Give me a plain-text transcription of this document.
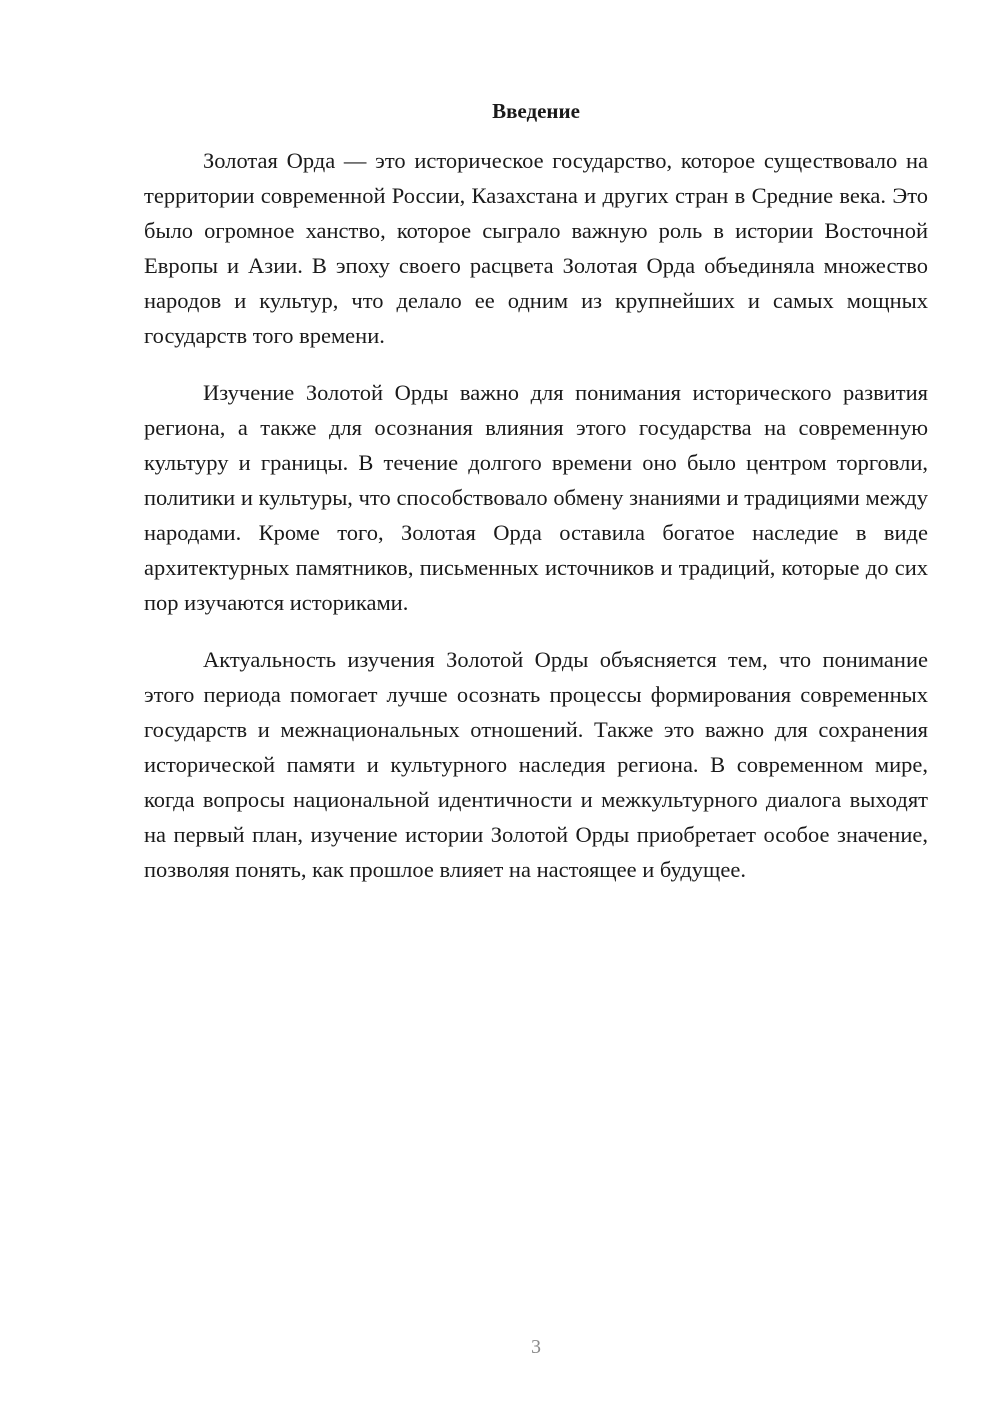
Введение

Золотая Орда — это историческое государство, которое существовало на территории современной России, Казахстана и других стран в Средние века. Это было огромное ханство, которое сыграло важную роль в истории Восточной Европы и Азии. В эпоху своего расцвета Золотая Орда объединяла множество народов и культур, что делало ее одним из крупнейших и самых мощных государств того времени.

Изучение Золотой Орды важно для понимания исторического развития региона, а также для осознания влияния этого государства на современную культуру и границы. В течение долгого времени оно было центром торговли, политики и культуры, что способствовало обмену знаниями и традициями между народами. Кроме того, Золотая Орда оставила богатое наследие в виде архитектурных памятников, письменных источников и традиций, которые до сих пор изучаются историками.

Актуальность изучения Золотой Орды объясняется тем, что понимание этого периода помогает лучше осознать процессы формирования современных государств и межнациональных отношений. Также это важно для сохранения исторической памяти и культурного наследия региона. В современном мире, когда вопросы национальной идентичности и межкультурного диалога выходят на первый план, изучение истории Золотой Орды приобретает особое значение, позволяя понять, как прошлое влияет на настоящее и будущее.

3
